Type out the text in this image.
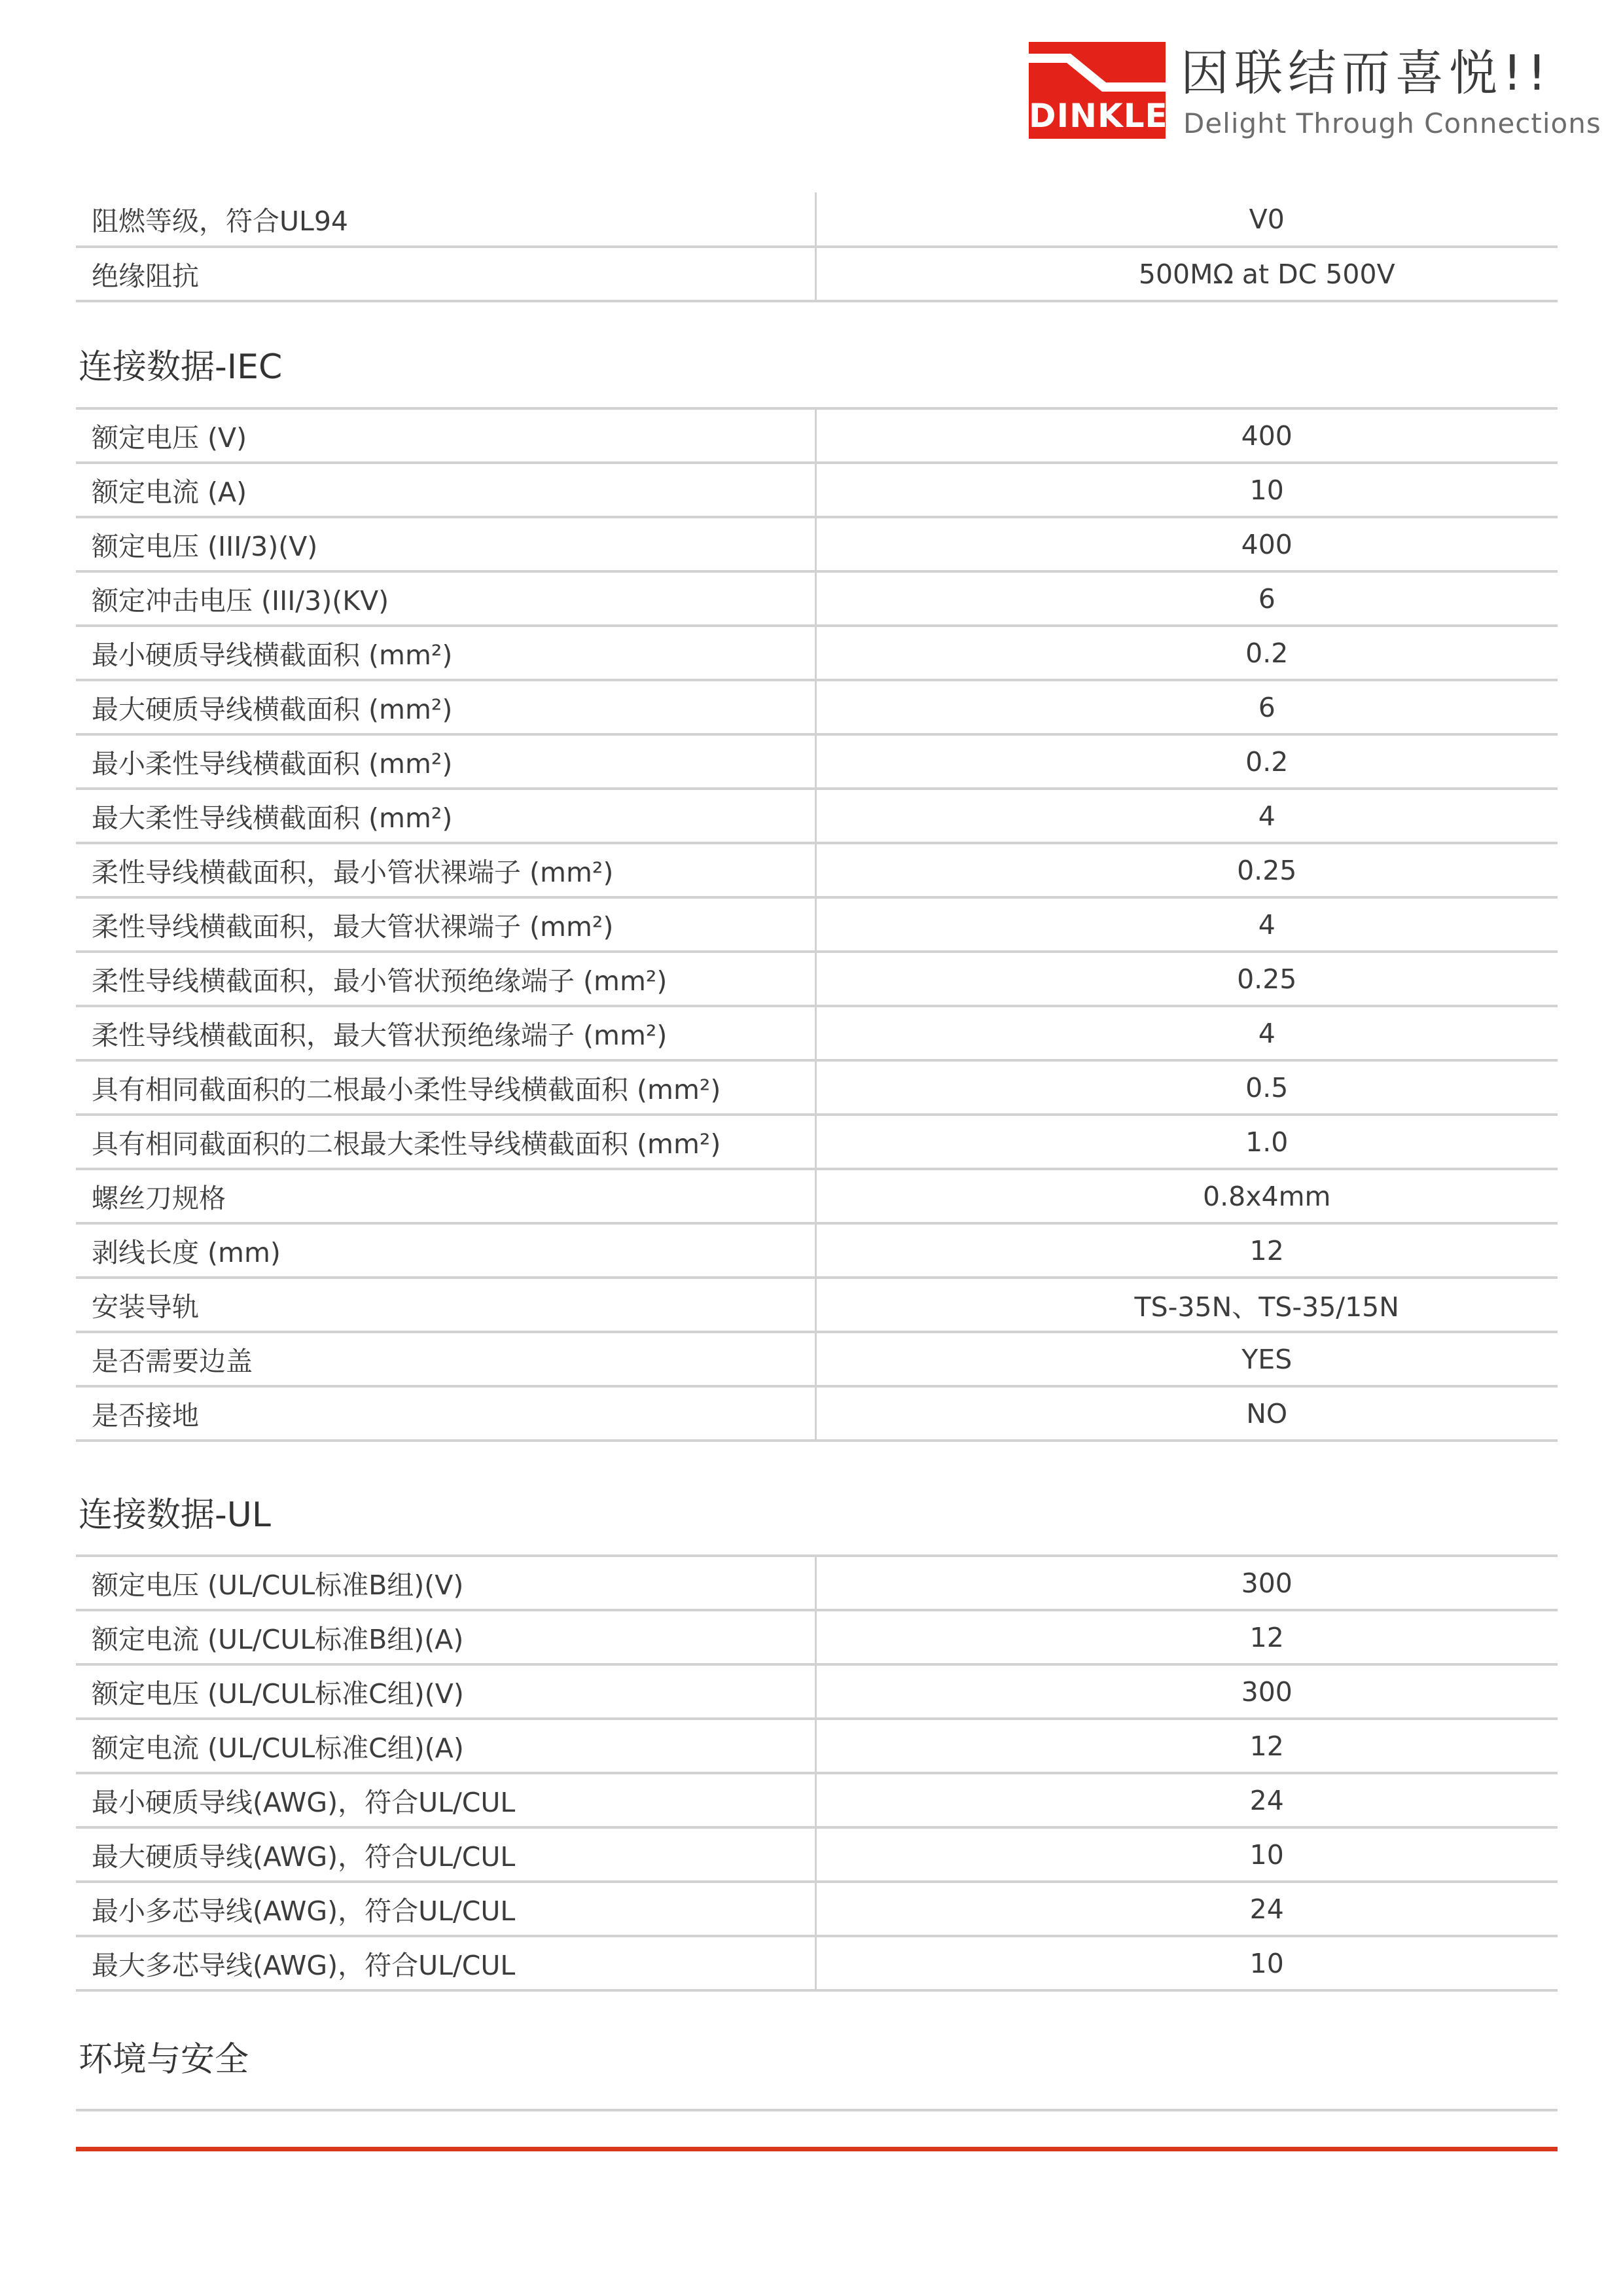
DINKLE
因联结而喜悦!!
Delight Through Connections
阻燃等级，符合UL94	V0
绝缘阻抗	500MΩ at DC 500V
连接数据-IEC
额定电压 (V)	400
额定电流 (A)	10
额定电压 (III/3)(V)	400
额定冲击电压 (III/3)(KV)	6
最小硬质导线横截面积 (mm²)	0.2
最大硬质导线横截面积 (mm²)	6
最小柔性导线横截面积 (mm²)	0.2
最大柔性导线横截面积 (mm²)	4
柔性导线横截面积，最小管状裸端子 (mm²)	0.25
柔性导线横截面积，最大管状裸端子 (mm²)	4
柔性导线横截面积，最小管状预绝缘端子 (mm²)	0.25
柔性导线横截面积，最大管状预绝缘端子 (mm²)	4
具有相同截面积的二根最小柔性导线横截面积 (mm²)	0.5
具有相同截面积的二根最大柔性导线横截面积 (mm²)	1.0
螺丝刀规格	0.8x4mm
剥线长度 (mm)	12
安装导轨	TS-35N、TS-35/15N
是否需要边盖	YES
是否接地	NO
连接数据-UL
额定电压 (UL/CUL标准B组)(V)	300
额定电流 (UL/CUL标准B组)(A)	12
额定电压 (UL/CUL标准C组)(V)	300
额定电流 (UL/CUL标准C组)(A)	12
最小硬质导线(AWG)，符合UL/CUL	24
最大硬质导线(AWG)，符合UL/CUL	10
最小多芯导线(AWG)，符合UL/CUL	24
最大多芯导线(AWG)，符合UL/CUL	10
环境与安全
